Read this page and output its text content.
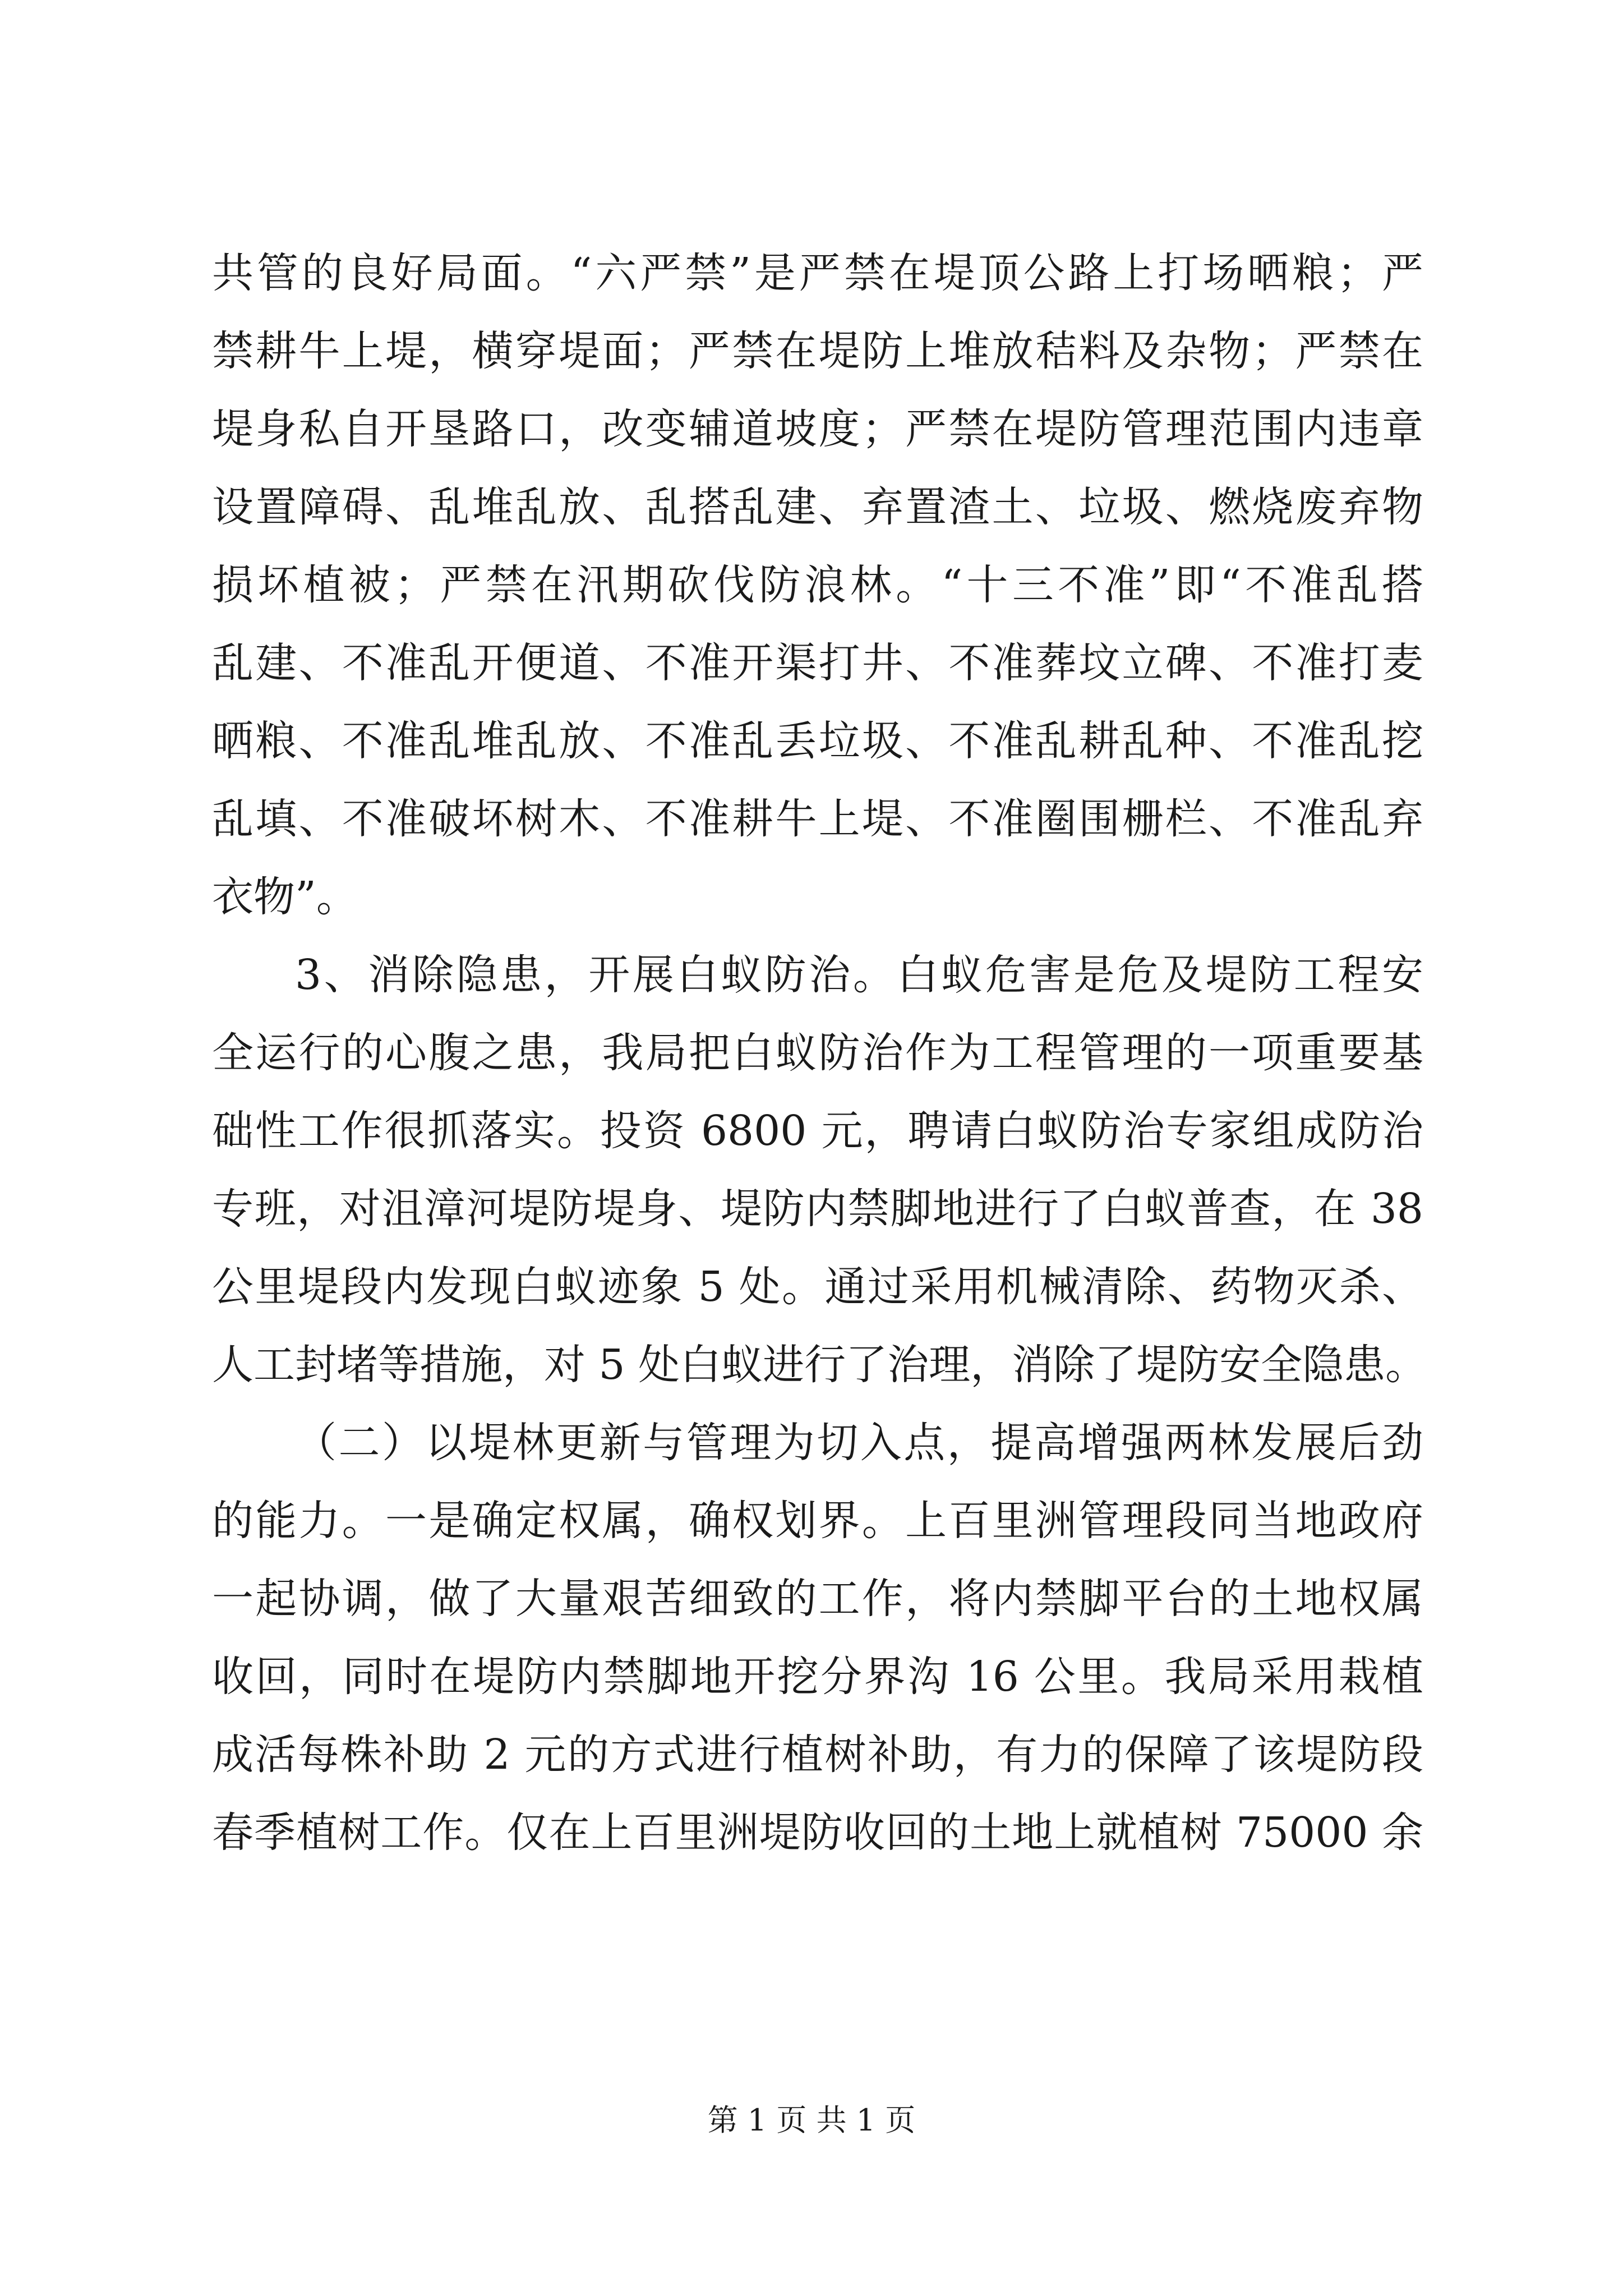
共管的良好局面。“六严禁”是严禁在堤顶公路上打场晒粮；严
禁耕牛上堤，横穿堤面；严禁在堤防上堆放秸料及杂物；严禁在
堤身私自开垦路口，改变辅道坡度；严禁在堤防管理范围内违章
设置障碍、乱堆乱放、乱搭乱建、弃置渣土、垃圾、燃烧废弃物
损坏植被；严禁在汛期砍伐防浪林。“十三不准”即“不准乱搭
乱建、不准乱开便道、不准开渠打井、不准葬坟立碑、不准打麦
晒粮、不准乱堆乱放、不准乱丢垃圾、不准乱耕乱种、不准乱挖
乱填、不准破坏树木、不准耕牛上堤、不准圈围栅栏、不准乱弃
衣物”。
3、消除隐患，开展白蚁防治。白蚁危害是危及堤防工程安
全运行的心腹之患，我局把白蚁防治作为工程管理的一项重要基
础性工作很抓落实。投资 6800 元，聘请白蚁防治专家组成防治
专班，对沮漳河堤防堤身、堤防内禁脚地进行了白蚁普查，在 38
公里堤段内发现白蚁迹象 5 处。通过采用机械清除、药物灭杀、
人工封堵等措施，对 5 处白蚁进行了治理，消除了堤防安全隐患。
（二）以堤林更新与管理为切入点，提高增强两林发展后劲
的能力。一是确定权属，确权划界。上百里洲管理段同当地政府
一起协调，做了大量艰苦细致的工作，将内禁脚平台的土地权属
收回，同时在堤防内禁脚地开挖分界沟 16 公里。我局采用栽植
成活每株补助 2 元的方式进行植树补助，有力的保障了该堤防段
春季植树工作。仅在上百里洲堤防收回的土地上就植树 75000 余
第 1 页 共 1 页
